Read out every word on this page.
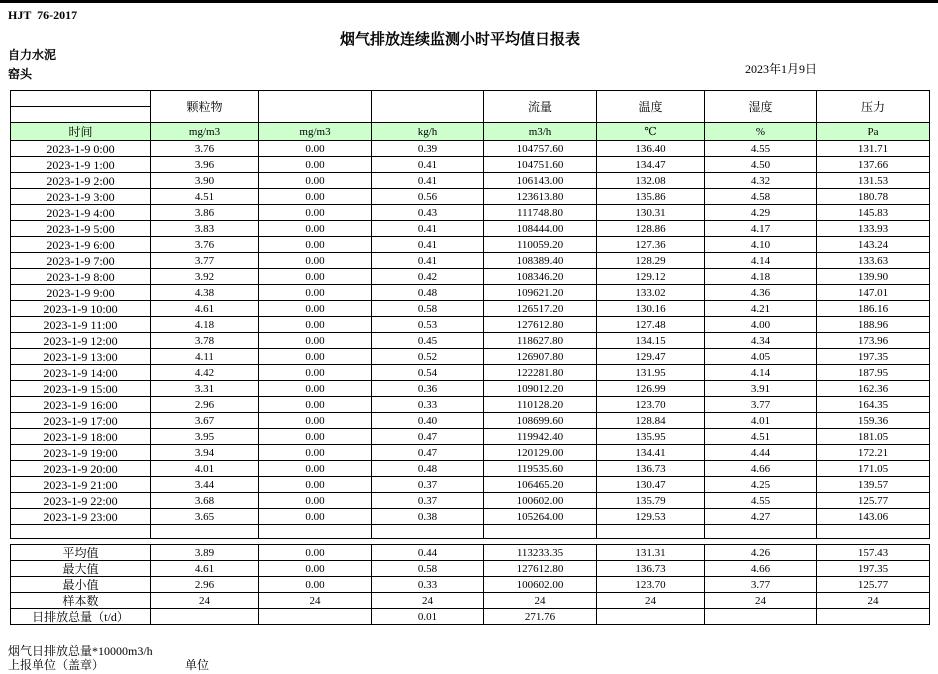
HJT  76-2017
烟气排放连续监测小时平均值日报表
自力水泥
窑头	2023年1月9日
	颗粒物			流量	温度	湿度	压力

时间	mg/m3	mg/m3	kg/h	m3/h	℃	%	Pa
2023-1-9 0:00	3.76	0.00	0.39	104757.60	136.40	4.55	131.71
2023-1-9 1:00	3.96	0.00	0.41	104751.60	134.47	4.50	137.66
2023-1-9 2:00	3.90	0.00	0.41	106143.00	132.08	4.32	131.53
2023-1-9 3:00	4.51	0.00	0.56	123613.80	135.86	4.58	180.78
2023-1-9 4:00	3.86	0.00	0.43	111748.80	130.31	4.29	145.83
2023-1-9 5:00	3.83	0.00	0.41	108444.00	128.86	4.17	133.93
2023-1-9 6:00	3.76	0.00	0.41	110059.20	127.36	4.10	143.24
2023-1-9 7:00	3.77	0.00	0.41	108389.40	128.29	4.14	133.63
2023-1-9 8:00	3.92	0.00	0.42	108346.20	129.12	4.18	139.90
2023-1-9 9:00	4.38	0.00	0.48	109621.20	133.02	4.36	147.01
2023-1-9 10:00	4.61	0.00	0.58	126517.20	130.16	4.21	186.16
2023-1-9 11:00	4.18	0.00	0.53	127612.80	127.48	4.00	188.96
2023-1-9 12:00	3.78	0.00	0.45	118627.80	134.15	4.34	173.96
2023-1-9 13:00	4.11	0.00	0.52	126907.80	129.47	4.05	197.35
2023-1-9 14:00	4.42	0.00	0.54	122281.80	131.95	4.14	187.95
2023-1-9 15:00	3.31	0.00	0.36	109012.20	126.99	3.91	162.36
2023-1-9 16:00	2.96	0.00	0.33	110128.20	123.70	3.77	164.35
2023-1-9 17:00	3.67	0.00	0.40	108699.60	128.84	4.01	159.36
2023-1-9 18:00	3.95	0.00	0.47	119942.40	135.95	4.51	181.05
2023-1-9 19:00	3.94	0.00	0.47	120129.00	134.41	4.44	172.21
2023-1-9 20:00	4.01	0.00	0.48	119535.60	136.73	4.66	171.05
2023-1-9 21:00	3.44	0.00	0.37	106465.20	130.47	4.25	139.57
2023-1-9 22:00	3.68	0.00	0.37	100602.00	135.79	4.55	125.77
2023-1-9 23:00	3.65	0.00	0.38	105264.00	129.53	4.27	143.06

平均值	3.89	0.00	0.44	113233.35	131.31	4.26	157.43
最大值	4.61	0.00	0.58	127612.80	136.73	4.66	197.35
最小值	2.96	0.00	0.33	100602.00	123.70	3.77	125.77
样本数	24	24	24	24	24	24	24
日排放总量（t/d）			0.01	271.76			
烟气日排放总量*10000m3/h
上报单位（盖章）	单位
